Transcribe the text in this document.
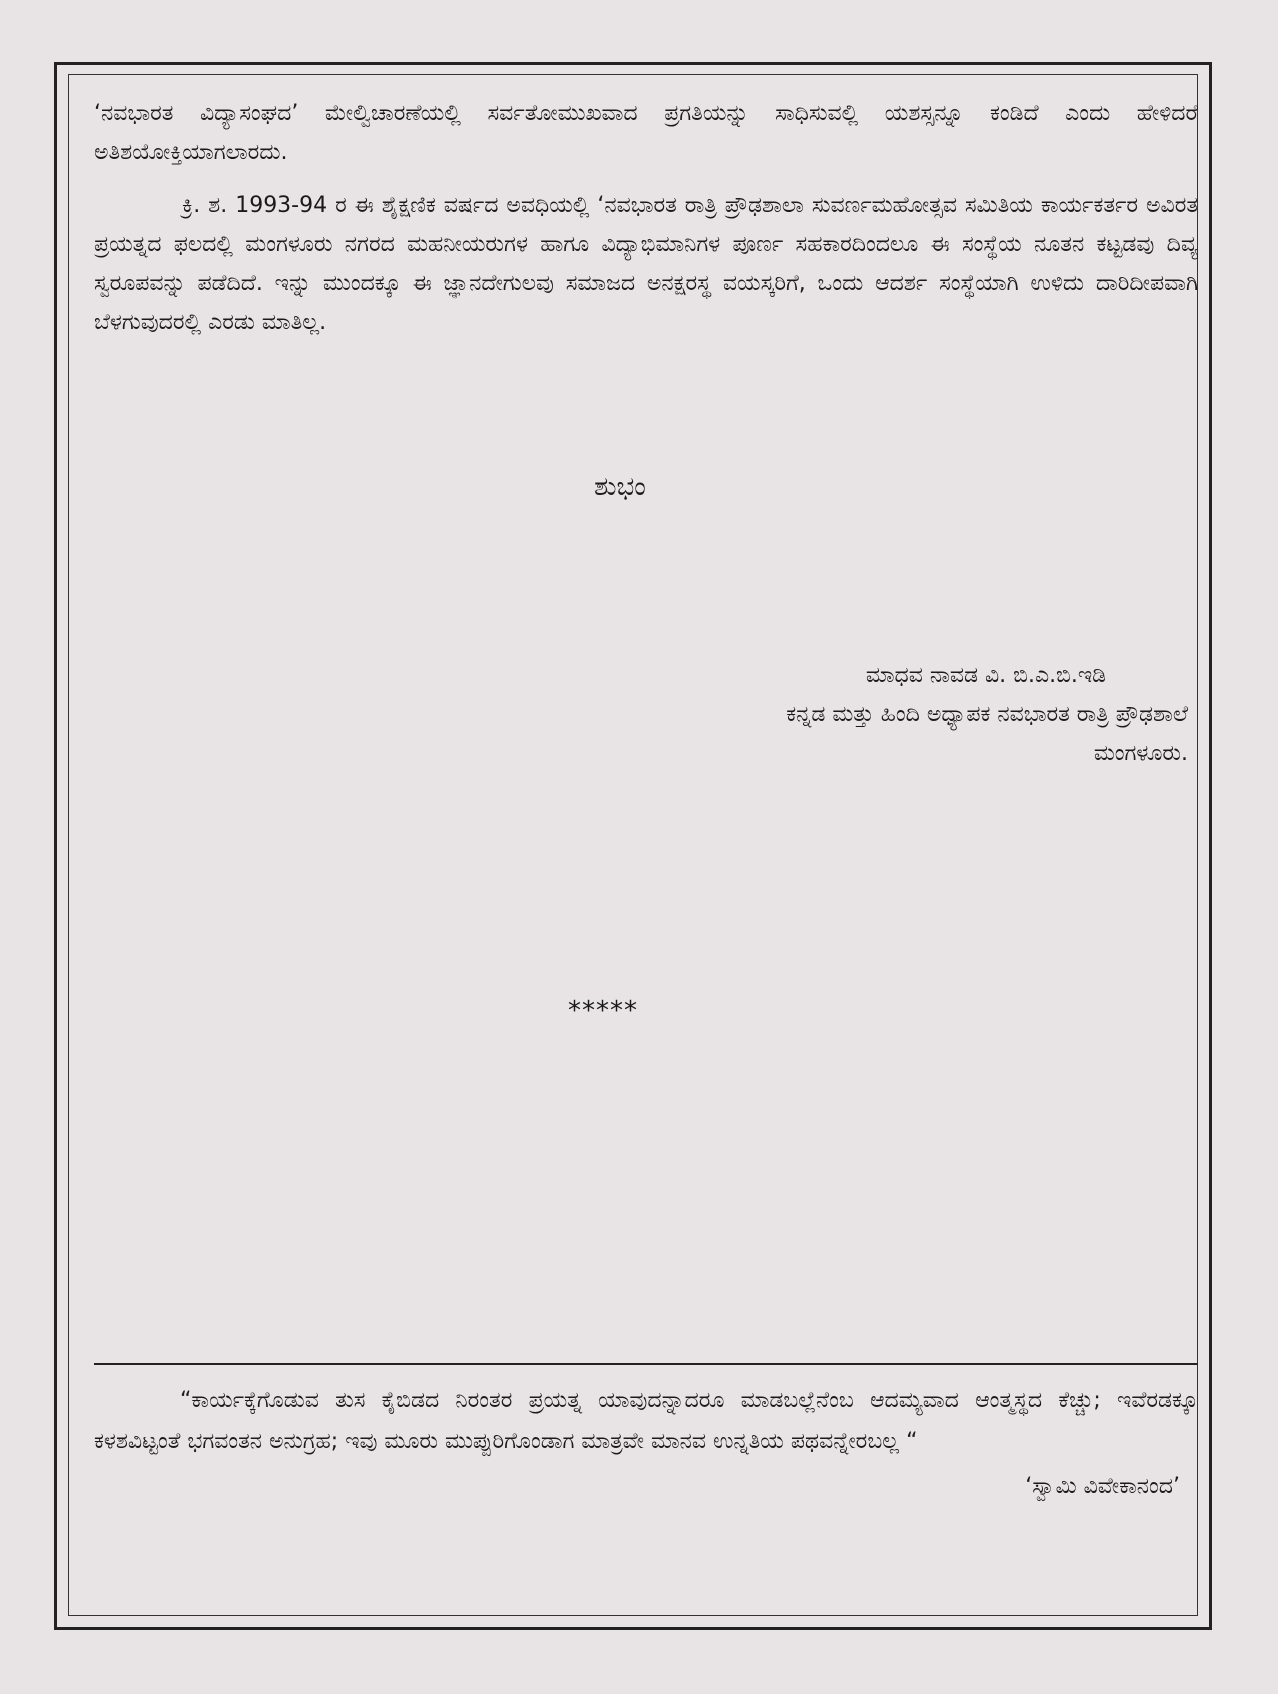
‘ನವಭಾರತ ವಿದ್ಯಾಸಂಘದ’ ಮೇಲ್ವಿಚಾರಣೆಯಲ್ಲಿ ಸರ್ವತೋಮುಖವಾದ ಪ್ರಗತಿಯನ್ನು ಸಾಧಿಸುವಲ್ಲಿ ಯಶಸ್ಸನ್ನೂ ಕಂಡಿದೆ ಎಂದು ಹೇಳಿದರೆ ಅತಿಶಯೋಕ್ತಿಯಾಗಲಾರದು.

ಕ್ರಿ. ಶ. 1993-94 ರ ಈ ಶೈಕ್ಷಣಿಕ ವರ್ಷದ ಅವಧಿಯಲ್ಲಿ ‘ನವಭಾರತ ರಾತ್ರಿ ಪ್ರೌಢಶಾಲಾ ಸುವರ್ಣಮಹೋತ್ಸವ ಸಮಿತಿಯ ಕಾರ್ಯಕರ್ತರ ಅವಿರತ ಪ್ರಯತ್ನದ ಫಲದಲ್ಲಿ ಮಂಗಳೂರು ನಗರದ ಮಹನೀಯರುಗಳ ಹಾಗೂ ವಿದ್ಯಾಭಿಮಾನಿಗಳ ಪೂರ್ಣ ಸಹಕಾರದಿಂದಲೂ ಈ ಸಂಸ್ಥೆಯ ನೂತನ ಕಟ್ಟಡವು ದಿವ್ಯ ಸ್ವರೂಪವನ್ನು ಪಡೆದಿದೆ. ಇನ್ನು ಮುಂದಕ್ಕೂ ಈ ಜ್ಞಾನದೇಗುಲವು ಸಮಾಜದ ಅನಕ್ಷರಸ್ಥ ವಯಸ್ಕರಿಗೆ, ಒಂದು ಆದರ್ಶ ಸಂಸ್ಥೆಯಾಗಿ ಉಳಿದು ದಾರಿದೀಪವಾಗಿ ಬೆಳಗುವುದರಲ್ಲಿ ಎರಡು ಮಾತಿಲ್ಲ.

ಶುಭಂ

ಮಾಧವ ನಾವಡ ವಿ. ಬಿ.ಎ.ಬಿ.ಇಡಿ

ಕನ್ನಡ ಮತ್ತು ಹಿಂದಿ ಅಧ್ಯಾಪಕ ನವಭಾರತ ರಾತ್ರಿ ಪ್ರೌಢಶಾಲೆ

ಮಂಗಳೂರು.

*****

“ಕಾರ್ಯಕ್ಕೆಗೊಡುವ ತುಸ ಕೈಬಿಡದ ನಿರಂತರ ಪ್ರಯತ್ನ ಯಾವುದನ್ನಾದರೂ ಮಾಡಬಲ್ಲೆನೆಂಬ ಆದಮ್ಯವಾದ ಆಂತ್ಮಸ್ಥದ ಕೆಚ್ಚು; ಇವೆರಡಕ್ಕೂ ಕಳಶವಿಟ್ಟಂತೆ ಭಗವಂತನ ಅನುಗ್ರಹ; ಇವು ಮೂರು ಮುಪ್ಪುರಿಗೊಂಡಾಗ ಮಾತ್ರವೇ ಮಾನವ ಉನ್ನತಿಯ ಪಥವನ್ನೇರಬಲ್ಲ “

‘ಸ್ವಾಮಿ ವಿವೇಕಾನಂದ’
